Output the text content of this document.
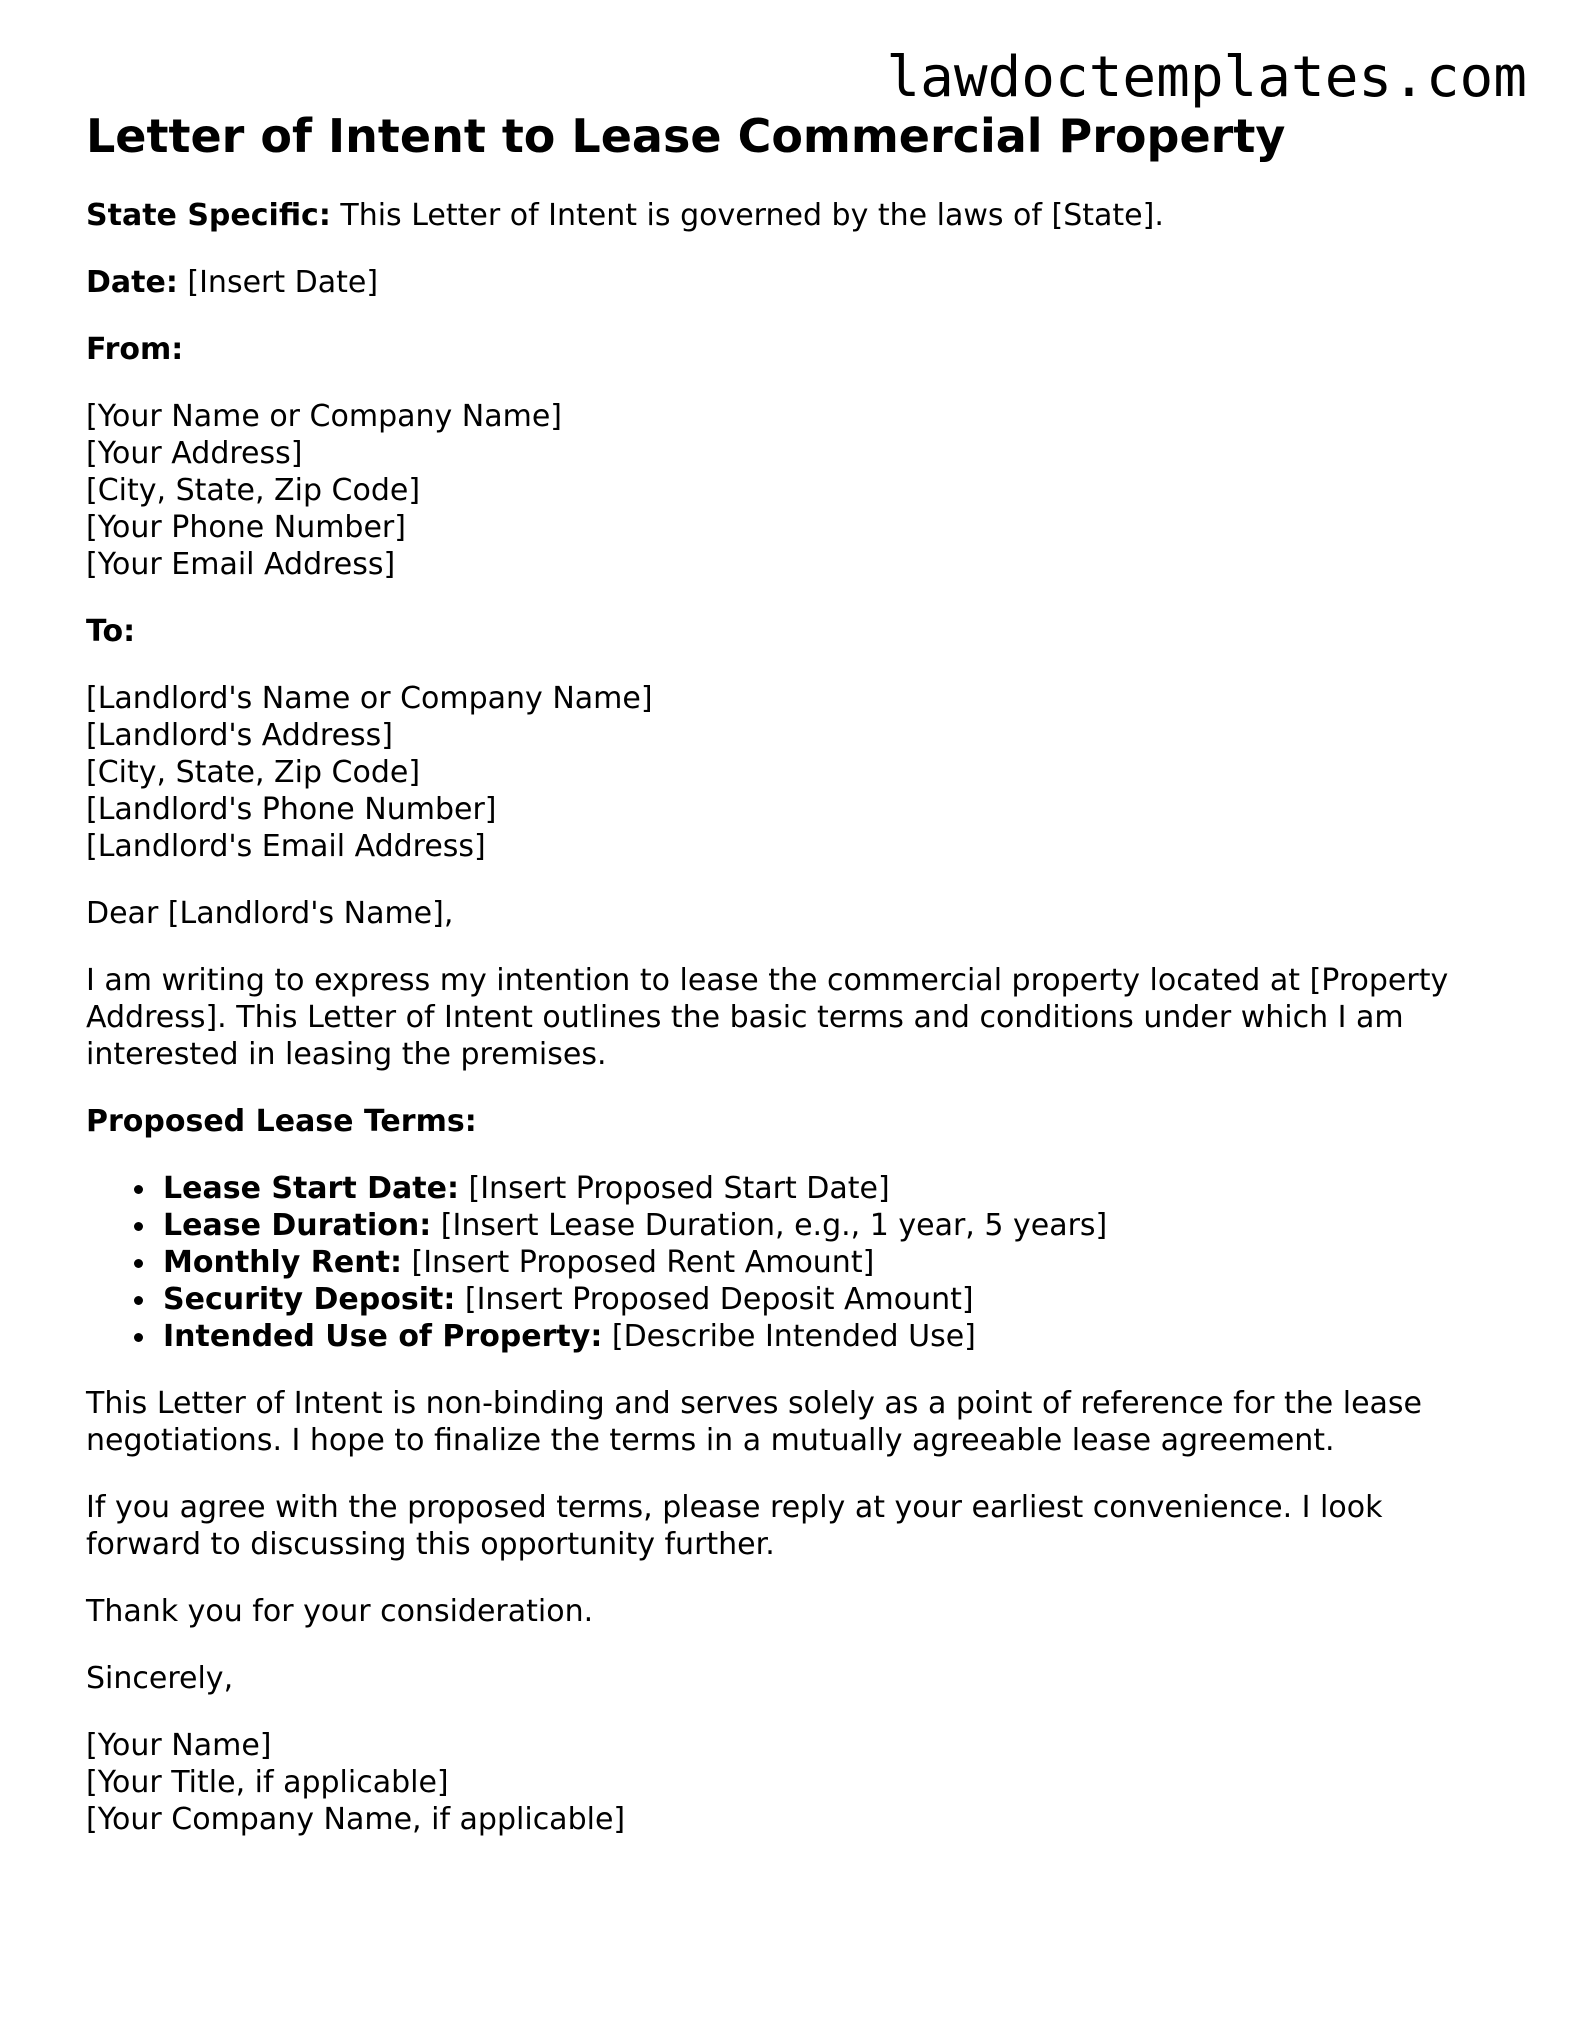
lawdoctemplates.com
Letter of Intent to Lease Commercial Property

State Specific: This Letter of Intent is governed by the laws of [State].

Date: [Insert Date]

From:

[Your Name or Company Name]
[Your Address]
[City, State, Zip Code]
[Your Phone Number]
[Your Email Address]

To:

[Landlord's Name or Company Name]
[Landlord's Address]
[City, State, Zip Code]
[Landlord's Phone Number]
[Landlord's Email Address]

Dear [Landlord's Name],

I am writing to express my intention to lease the commercial property located at [Property Address]. This Letter of Intent outlines the basic terms and conditions under which I am interested in leasing the premises.

Proposed Lease Terms:

Lease Start Date: [Insert Proposed Start Date]
Lease Duration: [Insert Lease Duration, e.g., 1 year, 5 years]
Monthly Rent: [Insert Proposed Rent Amount]
Security Deposit: [Insert Proposed Deposit Amount]
Intended Use of Property: [Describe Intended Use]

This Letter of Intent is non-binding and serves solely as a point of reference for the lease negotiations. I hope to finalize the terms in a mutually agreeable lease agreement.

If you agree with the proposed terms, please reply at your earliest convenience. I look forward to discussing this opportunity further.

Thank you for your consideration.

Sincerely,

[Your Name]
[Your Title, if applicable]
[Your Company Name, if applicable]
